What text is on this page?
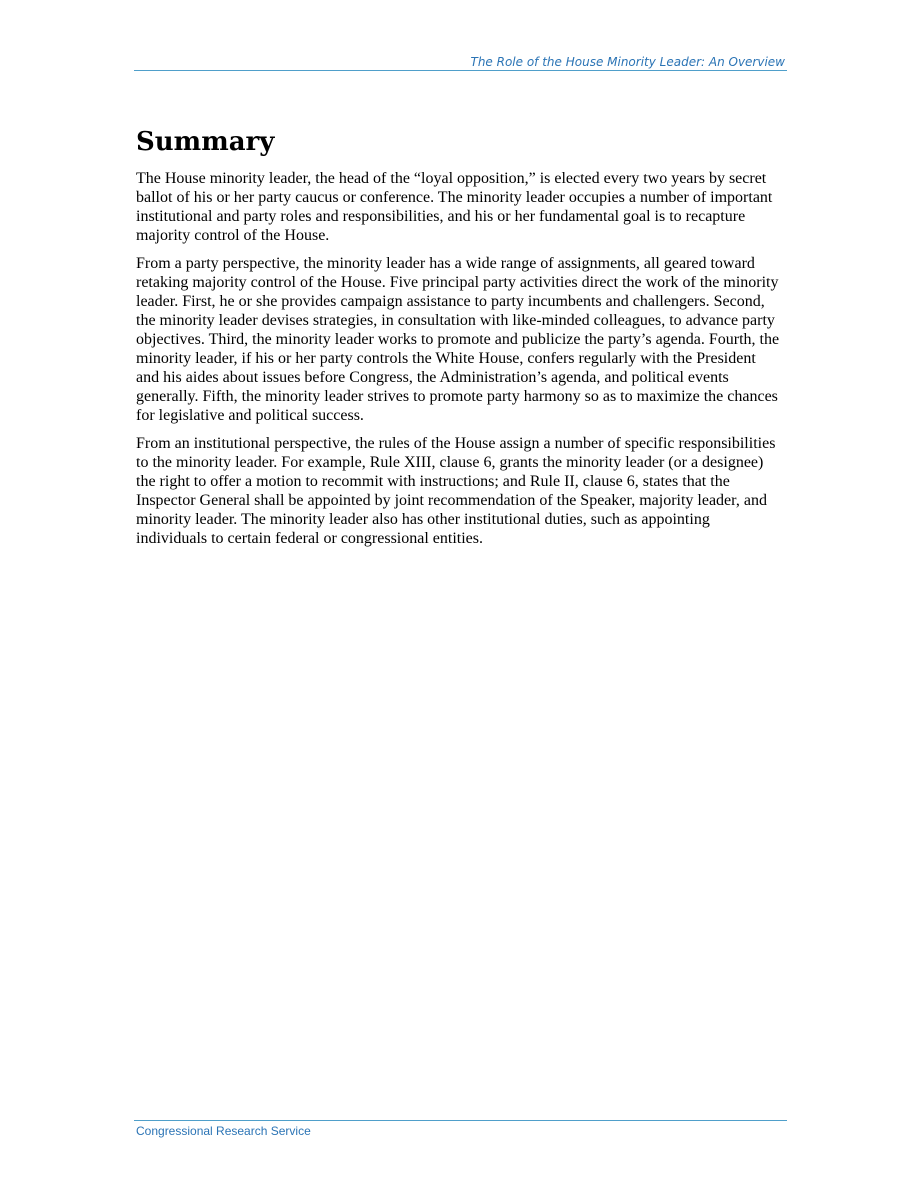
The Role of the House Minority Leader: An Overview
Summary

The House minority leader, the head of the “loyal opposition,” is elected every two years by secret ballot of his or her party caucus or conference. The minority leader occupies a number of important institutional and party roles and responsibilities, and his or her fundamental goal is to recapture majority control of the House.

From a party perspective, the minority leader has a wide range of assignments, all geared toward retaking majority control of the House. Five principal party activities direct the work of the minority leader. First, he or she provides campaign assistance to party incumbents and challengers. Second, the minority leader devises strategies, in consultation with like-minded colleagues, to advance party objectives. Third, the minority leader works to promote and publicize the party’s agenda. Fourth, the minority leader, if his or her party controls the White House, confers regularly with the President and his aides about issues before Congress, the Administration’s agenda, and political events generally. Fifth, the minority leader strives to promote party harmony so as to maximize the chances for legislative and political success.

From an institutional perspective, the rules of the House assign a number of specific responsibilities to the minority leader. For example, Rule XIII, clause 6, grants the minority leader (or a designee) the right to offer a motion to recommit with instructions; and Rule II, clause 6, states that the Inspector General shall be appointed by joint recommendation of the Speaker, majority leader, and minority leader. The minority leader also has other institutional duties, such as appointing individuals to certain federal or congressional entities.

Congressional Research Service
